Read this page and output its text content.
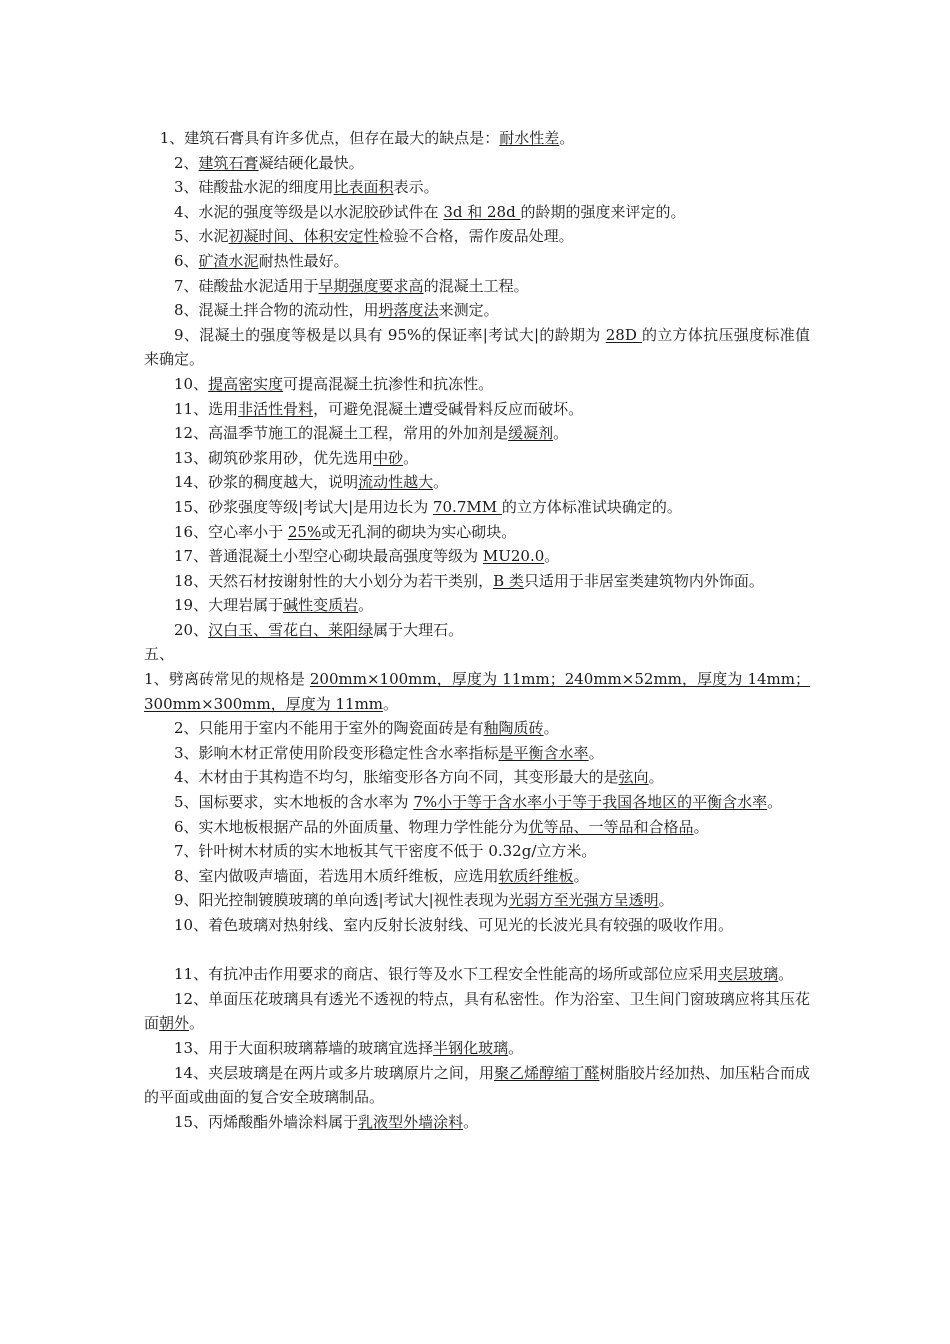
1、建筑石膏具有许多优点，但存在最大的缺点是：耐水性差。

2、建筑石膏凝结硬化最快。

3、硅酸盐水泥的细度用比表面积表示。

4、水泥的强度等级是以水泥胶砂试件在 3d 和 28d 的龄期的强度来评定的。

5、水泥初凝时间、体积安定性检验不合格，需作废品处理。

6、矿渣水泥耐热性最好。

7、硅酸盐水泥适用于早期强度要求高的混凝土工程。

8、混凝土拌合物的流动性，用坍落度法来测定。

9、混凝土的强度等极是以具有 95%的保证率|考试大|的龄期为 28D 的立方体抗压强度标准值来确定。

10、提高密实度可提高混凝土抗渗性和抗冻性。

11、选用非活性骨料，可避免混凝土遭受碱骨料反应而破坏。

12、高温季节施工的混凝土工程，常用的外加剂是缓凝剂。

13、砌筑砂浆用砂，优先选用中砂。

14、砂浆的稠度越大，说明流动性越大。

15、砂浆强度等级|考试大|是用边长为 70.7MM 的立方体标准试块确定的。

16、空心率小于 25%或无孔洞的砌块为实心砌块。

17、普通混凝土小型空心砌块最高强度等级为 MU20.0。

18、天然石材按谢射性的大小划分为若干类别，B 类只适用于非居室类建筑物内外饰面。

19、大理岩属于碱性变质岩。

20、汉白玉、雪花白、莱阳绿属于大理石。

五、

1、劈离砖常见的规格是 200mm×100mm，厚度为 11mm；240mm×52mm，厚度为 14mm；300mm×300mm，厚度为 11mm。

2、只能用于室内不能用于室外的陶瓷面砖是有釉陶质砖。

3、影响木材正常使用阶段变形稳定性含水率指标是平衡含水率。

4、木材由于其构造不均匀，胀缩变形各方向不同，其变形最大的是弦向。

5、国标要求，实木地板的含水率为 7%小于等于含水率小于等于我国各地区的平衡含水率。

6、实木地板根据产品的外面质量、物理力学性能分为优等品、一等品和合格品。

7、针叶树木材质的实木地板其气干密度不低于 0.32g/立方米。

8、室内做吸声墙面，若选用木质纤维板，应选用软质纤维板。

9、阳光控制镀膜玻璃的单向透|考试大|视性表现为光弱方至光强方呈透明。

10、着色玻璃对热射线、室内反射长波射线、可见光的长波光具有较强的吸收作用。

11、有抗冲击作用要求的商店、银行等及水下工程安全性能高的场所或部位应采用夹层玻璃。

12、单面压花玻璃具有透光不透视的特点，具有私密性。作为浴室、卫生间门窗玻璃应将其压花面朝外。

13、用于大面积玻璃幕墙的玻璃宜选择半钢化玻璃。

14、夹层玻璃是在两片或多片玻璃原片之间，用聚乙烯醇缩丁醛树脂胶片经加热、加压粘合而成的平面或曲面的复合安全玻璃制品。

15、丙烯酸酯外墙涂料属于乳液型外墙涂料。
